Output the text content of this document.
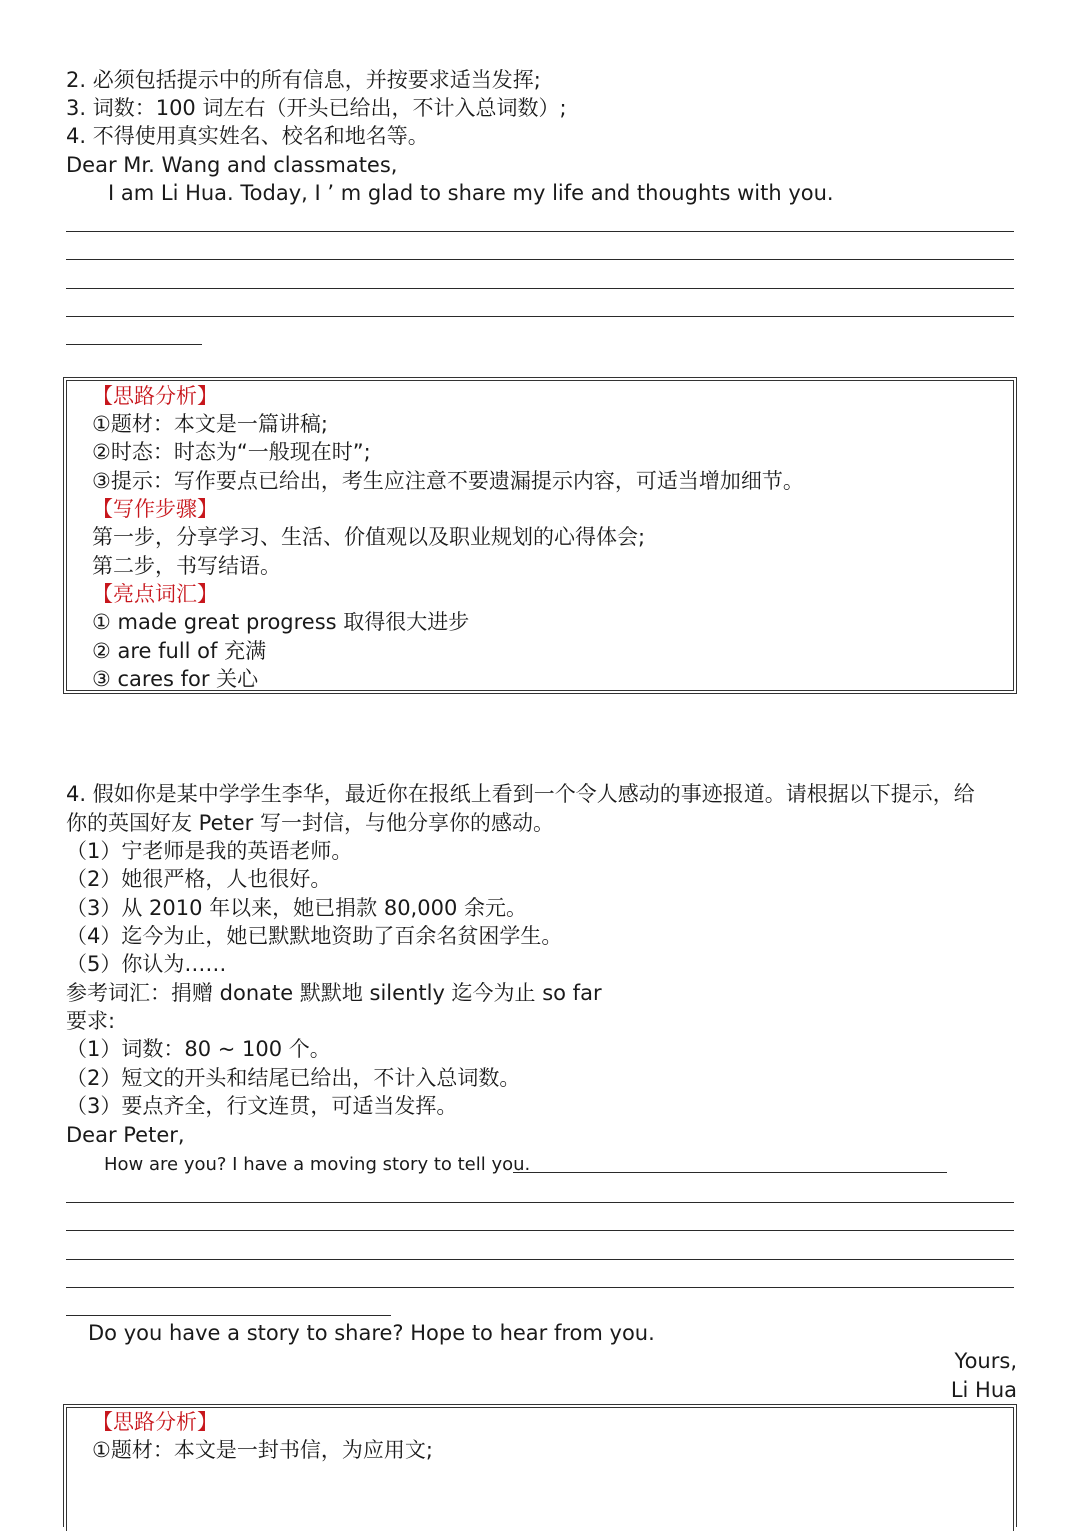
2. 必须包括提示中的所有信息，并按要求适当发挥;

3. 词数：100 词左右（开头已给出，不计入总词数）;

4. 不得使用真实姓名、校名和地名等。

Dear Mr. Wang and classmates,

I am Li Hua. Today, I ’ m glad to share my life and thoughts with you.

【思路分析】

①题材：本文是一篇讲稿;

②时态：时态为“一般现在时”;

③提示：写作要点已给出，考生应注意不要遗漏提示内容，可适当增加细节。

【写作步骤】

第一步，分享学习、生活、价值观以及职业规划的心得体会;

第二步，书写结语。

【亮点词汇】

① made great progress 取得很大进步

② are full of 充满

③ cares for 关心

4. 假如你是某中学学生李华，最近你在报纸上看到一个令人感动的事迹报道。请根据以下提示，给

你的英国好友 Peter 写一封信，与他分享你的感动。

（1）宁老师是我的英语老师。

（2）她很严格，人也很好。

（3）从 2010 年以来，她已捐款 80,000 余元。

（4）迄今为止，她已默默地资助了百余名贫困学生。

（5）你认为……

参考词汇：捐赠 donate 默默地 silently 迄今为止 so far

要求:

（1）词数：80 ~ 100 个。

（2）短文的开头和结尾已给出，不计入总词数。

（3）要点齐全，行文连贯，可适当发挥。

Dear Peter,

How are you? I have a moving story to tell you.

Do you have a story to share? Hope to hear from you.

Yours,

Li Hua

【思路分析】

①题材：本文是一封书信，为应用文;
